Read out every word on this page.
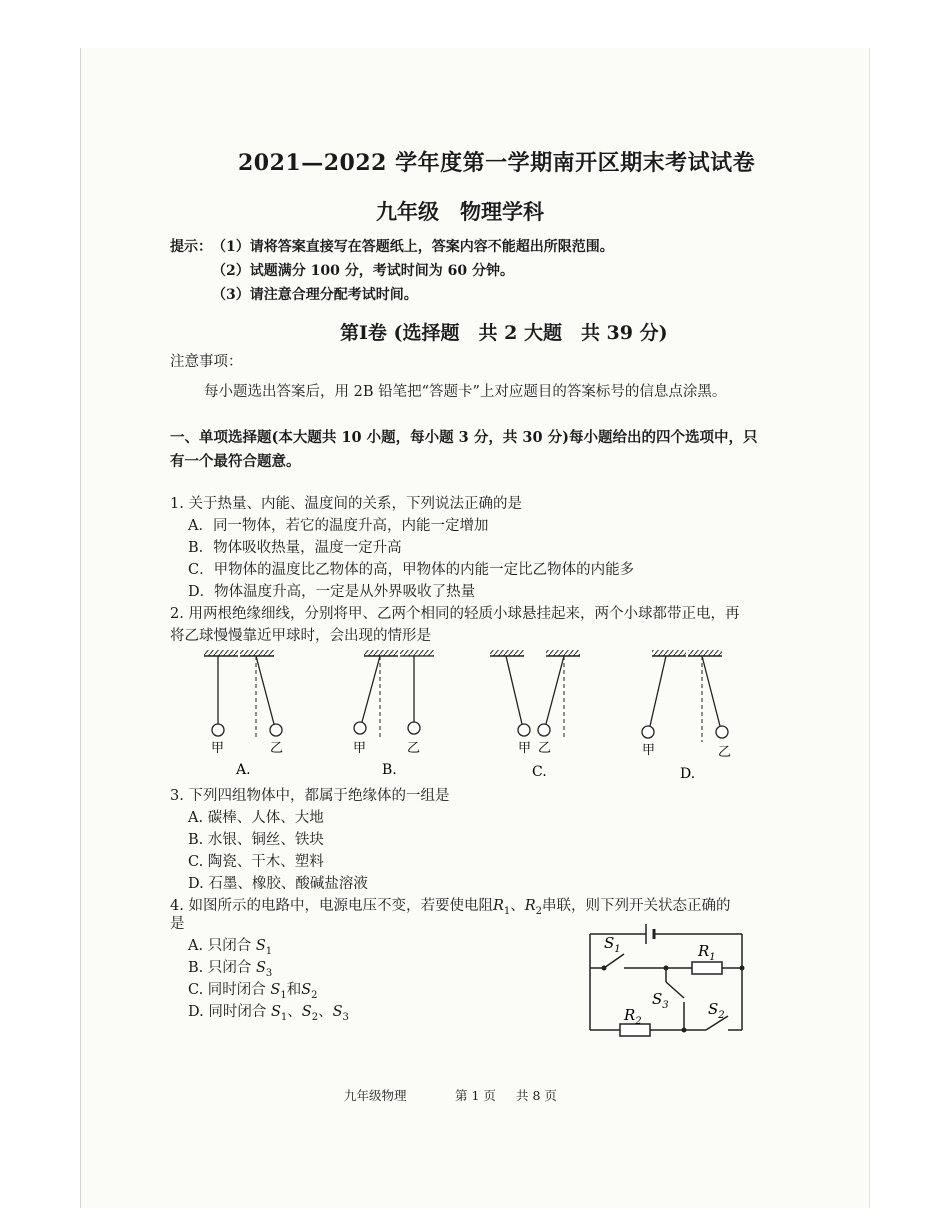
2021—2022 学年度第一学期南开区期末考试试卷
九年级　物理学科
提示： （1）请将答案直接写在答题纸上，答案内容不能超出所限范围。
（2）试题满分 100 分，考试时间为 60 分钟。
（3）请注意合理分配考试时间。
第Ⅰ卷 (选择题　共 2 大题　共 39 分)
注意事项：
每小题选出答案后，用 2B 铅笔把“答题卡”上对应题目的答案标号的信息点涂黑。
一、单项选择题(本大题共 10 小题，每小题 3 分，共 30 分)每小题给出的四个选项中，只
有一个最符合题意。
1. 关于热量、内能、温度间的关系，下列说法正确的是
A．同一物体，若它的温度升高，内能一定增加
B．物体吸收热量，温度一定升高
C．甲物体的温度比乙物体的高，甲物体的内能一定比乙物体的内能多
D．物体温度升高，一定是从外界吸收了热量
2. 用两根绝缘细线，分别将甲、乙两个相同的轻质小球悬挂起来，两个小球都带正电，再
将乙球慢慢靠近甲球时，会出现的情形是
甲	乙
A.
甲	乙
B.
甲 乙
C.
甲	乙
D.
3. 下列四组物体中，都属于绝缘体的一组是
A. 碳棒、人体、大地
B. 水银、铜丝、铁块
C. 陶瓷、干木、塑料
D. 石墨、橡胶、酸碱盐溶液
4. 如图所示的电路中，电源电压不变，若要使电阻$R_1$、$R_2$串联，则下列开关状态正确的
是
A. 只闭合 $S_1$
B. 只闭合 $S_3$
C. 同时闭合 $S_1$和$S_2$
D. 同时闭合 $S_1$、$S_2$、$S_3$
$S_1$	$R_1$
$S_3$	$S_2$
$R_2$
九年级物理	第 1 页 共 8 页
